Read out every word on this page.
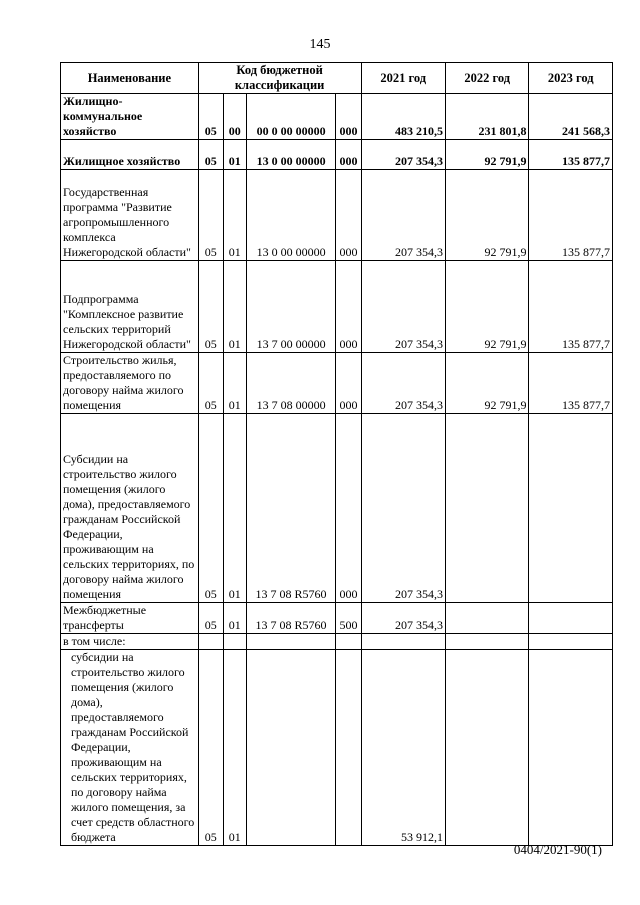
145
Наименование	Код бюджетной классификации				2021 год	2022 год	2023 год
Жилищно-коммунальное хозяйство	05	00	00 0 00 00000	000	483 210,5	231 801,8	241 568,3
Жилищное хозяйство	05	01	13 0 00 00000	000	207 354,3	92 791,9	135 877,7
Государственная программа "Развитие агропромышленного комплекса Нижегородской области"	05	01	13 0 00 00000	000	207 354,3	92 791,9	135 877,7
Подпрограмма "Комплексное развитие сельских территорий Нижегородской области"	05	01	13 7 00 00000	000	207 354,3	92 791,9	135 877,7
Строительство жилья, предоставляемого по договору найма жилого помещения	05	01	13 7 08 00000	000	207 354,3	92 791,9	135 877,7
Субсидии на строительство жилого помещения (жилого дома), предоставляемого гражданам Российской Федерации, проживающим на сельских территориях, по договору найма жилого помещения	05	01	13 7 08 R5760	000	207 354,3		
Межбюджетные трансферты	05	01	13 7 08 R5760	500	207 354,3		
в том числе:							
субсидии на строительство жилого помещения (жилого дома), предоставляемого гражданам Российской Федерации, проживающим на сельских территориях, по договору найма жилого помещения, за счет средств областного бюджета	05	01			53 912,1		
0404/2021-90(1)
